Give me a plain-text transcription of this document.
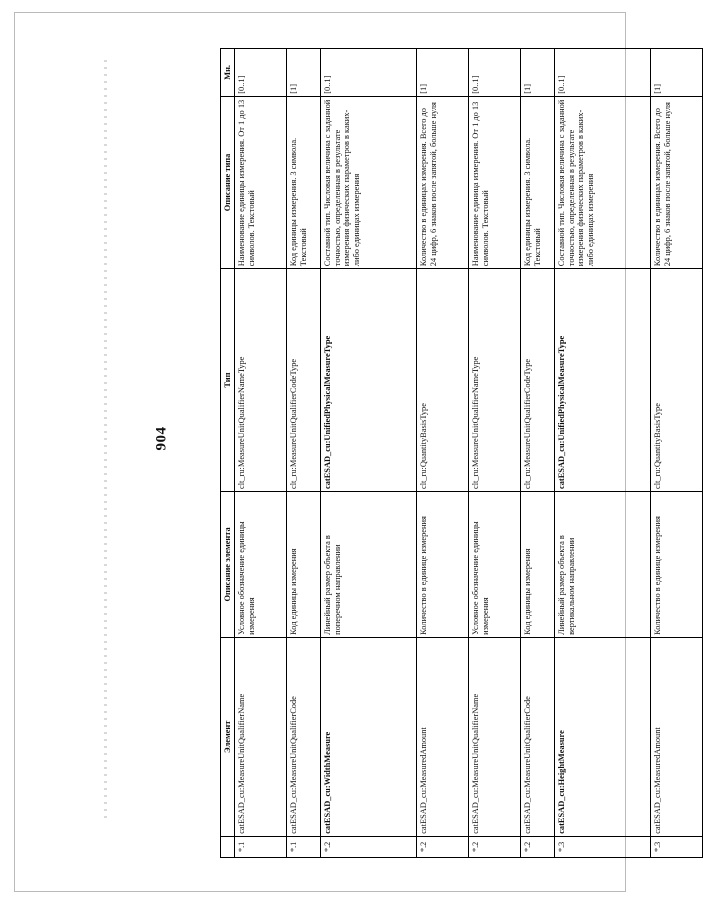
904
	Элемент	Описание элемента	Тип	Описание типа	Мн.
*.1	catESAD_cu:MeasureUnitQualifierName	Условное обозначение единицы измерения	clt_ru:MeasureUnitQualifierNameType	Наименование единицы измерения. От 1 до 13 символов. Текстовый	[0..1]
*.1	catESAD_cu:MeasureUnitQualifierCode	Код единицы измерения	clt_ru:MeasureUnitQualifierCodeType	Код единицы измерения. 3 символа. Текстовый	[1]
*.2	catESAD_cu:WidthMeasure	Линейный размер объекта в поперечном направлении	catESAD_cu:UnifiedPhysicalMeasureType	Составной тип. Числовая величина с заданной точностью, определенная в результате измерения физических параметров в каких-либо единицах измерения	[0..1]
*.2	catESAD_cu:MeasuredAmount	Количество в единице измерения	clt_ru:QuantityBasisType	Количество в единицах измерения. Всего до 24 цифр, 6 знаков после запятой, больше нуля	[1]
*.2	catESAD_cu:MeasureUnitQualifierName	Условное обозначение единицы измерения	clt_ru:MeasureUnitQualifierNameType	Наименование единица измерения. От 1 до 13 символов. Текстовый	[0..1]
*.2	catESAD_cu:MeasureUnitQualifierCode	Код единицы измерения	clt_ru:MeasureUnitQualifierCodeType	Код единицы измерения. 3 символа. Текстовый	[1]
*.3	catESAD_cu:HeightMeasure	Линейный размер объекта в вертикальном направлении	catESAD_cu:UnifiedPhysicalMeasureType	Составной тип. Числовая величина с заданной точностью, определенная в результате измерения физических параметров в каких-либо единицах измерения	[0..1]
*.3	catESAD_cu:MeasuredAmount	Количество в единице измерения	clt_ru:QuantityBasisType	Количество в единицах измерения. Всего до 24 цифр, 6 знаков после запятой, больше нуля	[1]
